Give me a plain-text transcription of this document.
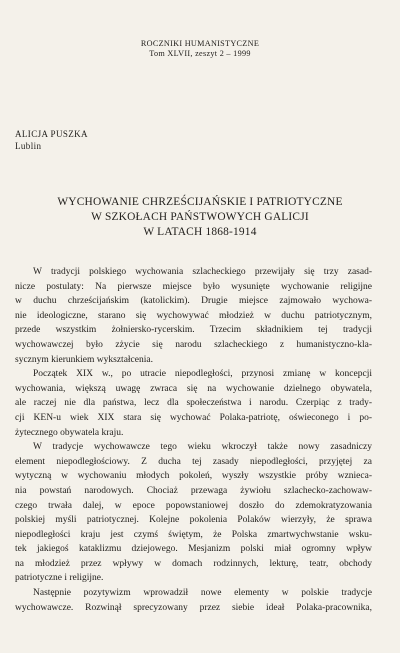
ROCZNIKI HUMANISTYCZNE
Tom XLVII, zeszyt 2 – 1999
ALICJA PUSZKA
Lublin
WYCHOWANIE CHRZEŚCIJAŃSKIE I PATRIOTYCZNE
W SZKOŁACH PAŃSTWOWYCH GALICJI
W LATACH 1868-1914
W tradycji polskiego wychowania szlacheckiego przewijały się trzy zasad-
nicze postulaty: Na pierwsze miejsce było wysunięte wychowanie religijne
w duchu chrześcijańskim (katolickim). Drugie miejsce zajmowało wychowa-
nie ideologiczne, starano się wychowywać młodzież w duchu patriotycznym,
przede wszystkim żołniersko-rycerskim. Trzecim składnikiem tej tradycji
wychowawczej było zżycie się narodu szlacheckiego z humanistyczno-kla-
sycznym kierunkiem wykształcenia.
Początek XIX w., po utracie niepodległości, przynosi zmianę w koncepcji
wychowania, większą uwagę zwraca się na wychowanie dzielnego obywatela,
ale raczej nie dla państwa, lecz dla społeczeństwa i narodu. Czerpiąc z trady-
cji KEN-u wiek XIX stara się wychować Polaka-patriotę, oświeconego i po-
żytecznego obywatela kraju.
W tradycje wychowawcze tego wieku wkroczył także nowy zasadniczy
element niepodległościowy. Z ducha tej zasady niepodległości, przyjętej za
wytyczną w wychowaniu młodych pokoleń, wyszły wszystkie próby wzniecа-
nia powstań narodowych. Chociaż przewaga żywiołu szlachecko-zachowaw-
czego trwała dalej, w epoce popowstaniowej doszło do zdemokratyzowania
polskiej myśli patriotycznej. Kolejne pokolenia Polaków wierzyły, że sprawa
niepodległości kraju jest czymś świętym, że Polska zmartwychwstanie wsku-
tek jakiegoś kataklizmu dziejowego. Mesjanizm polski miał ogromny wpływ
na młodzież przez wpływy w domach rodzinnych, lekturę, teatr, obchody
patriotyczne i religijne.
Następnie pozytywizm wprowadził nowe elementy w polskie tradycje
wychowawcze. Rozwinął sprecyzowany przez siebie ideał Polaka-pracownika,
